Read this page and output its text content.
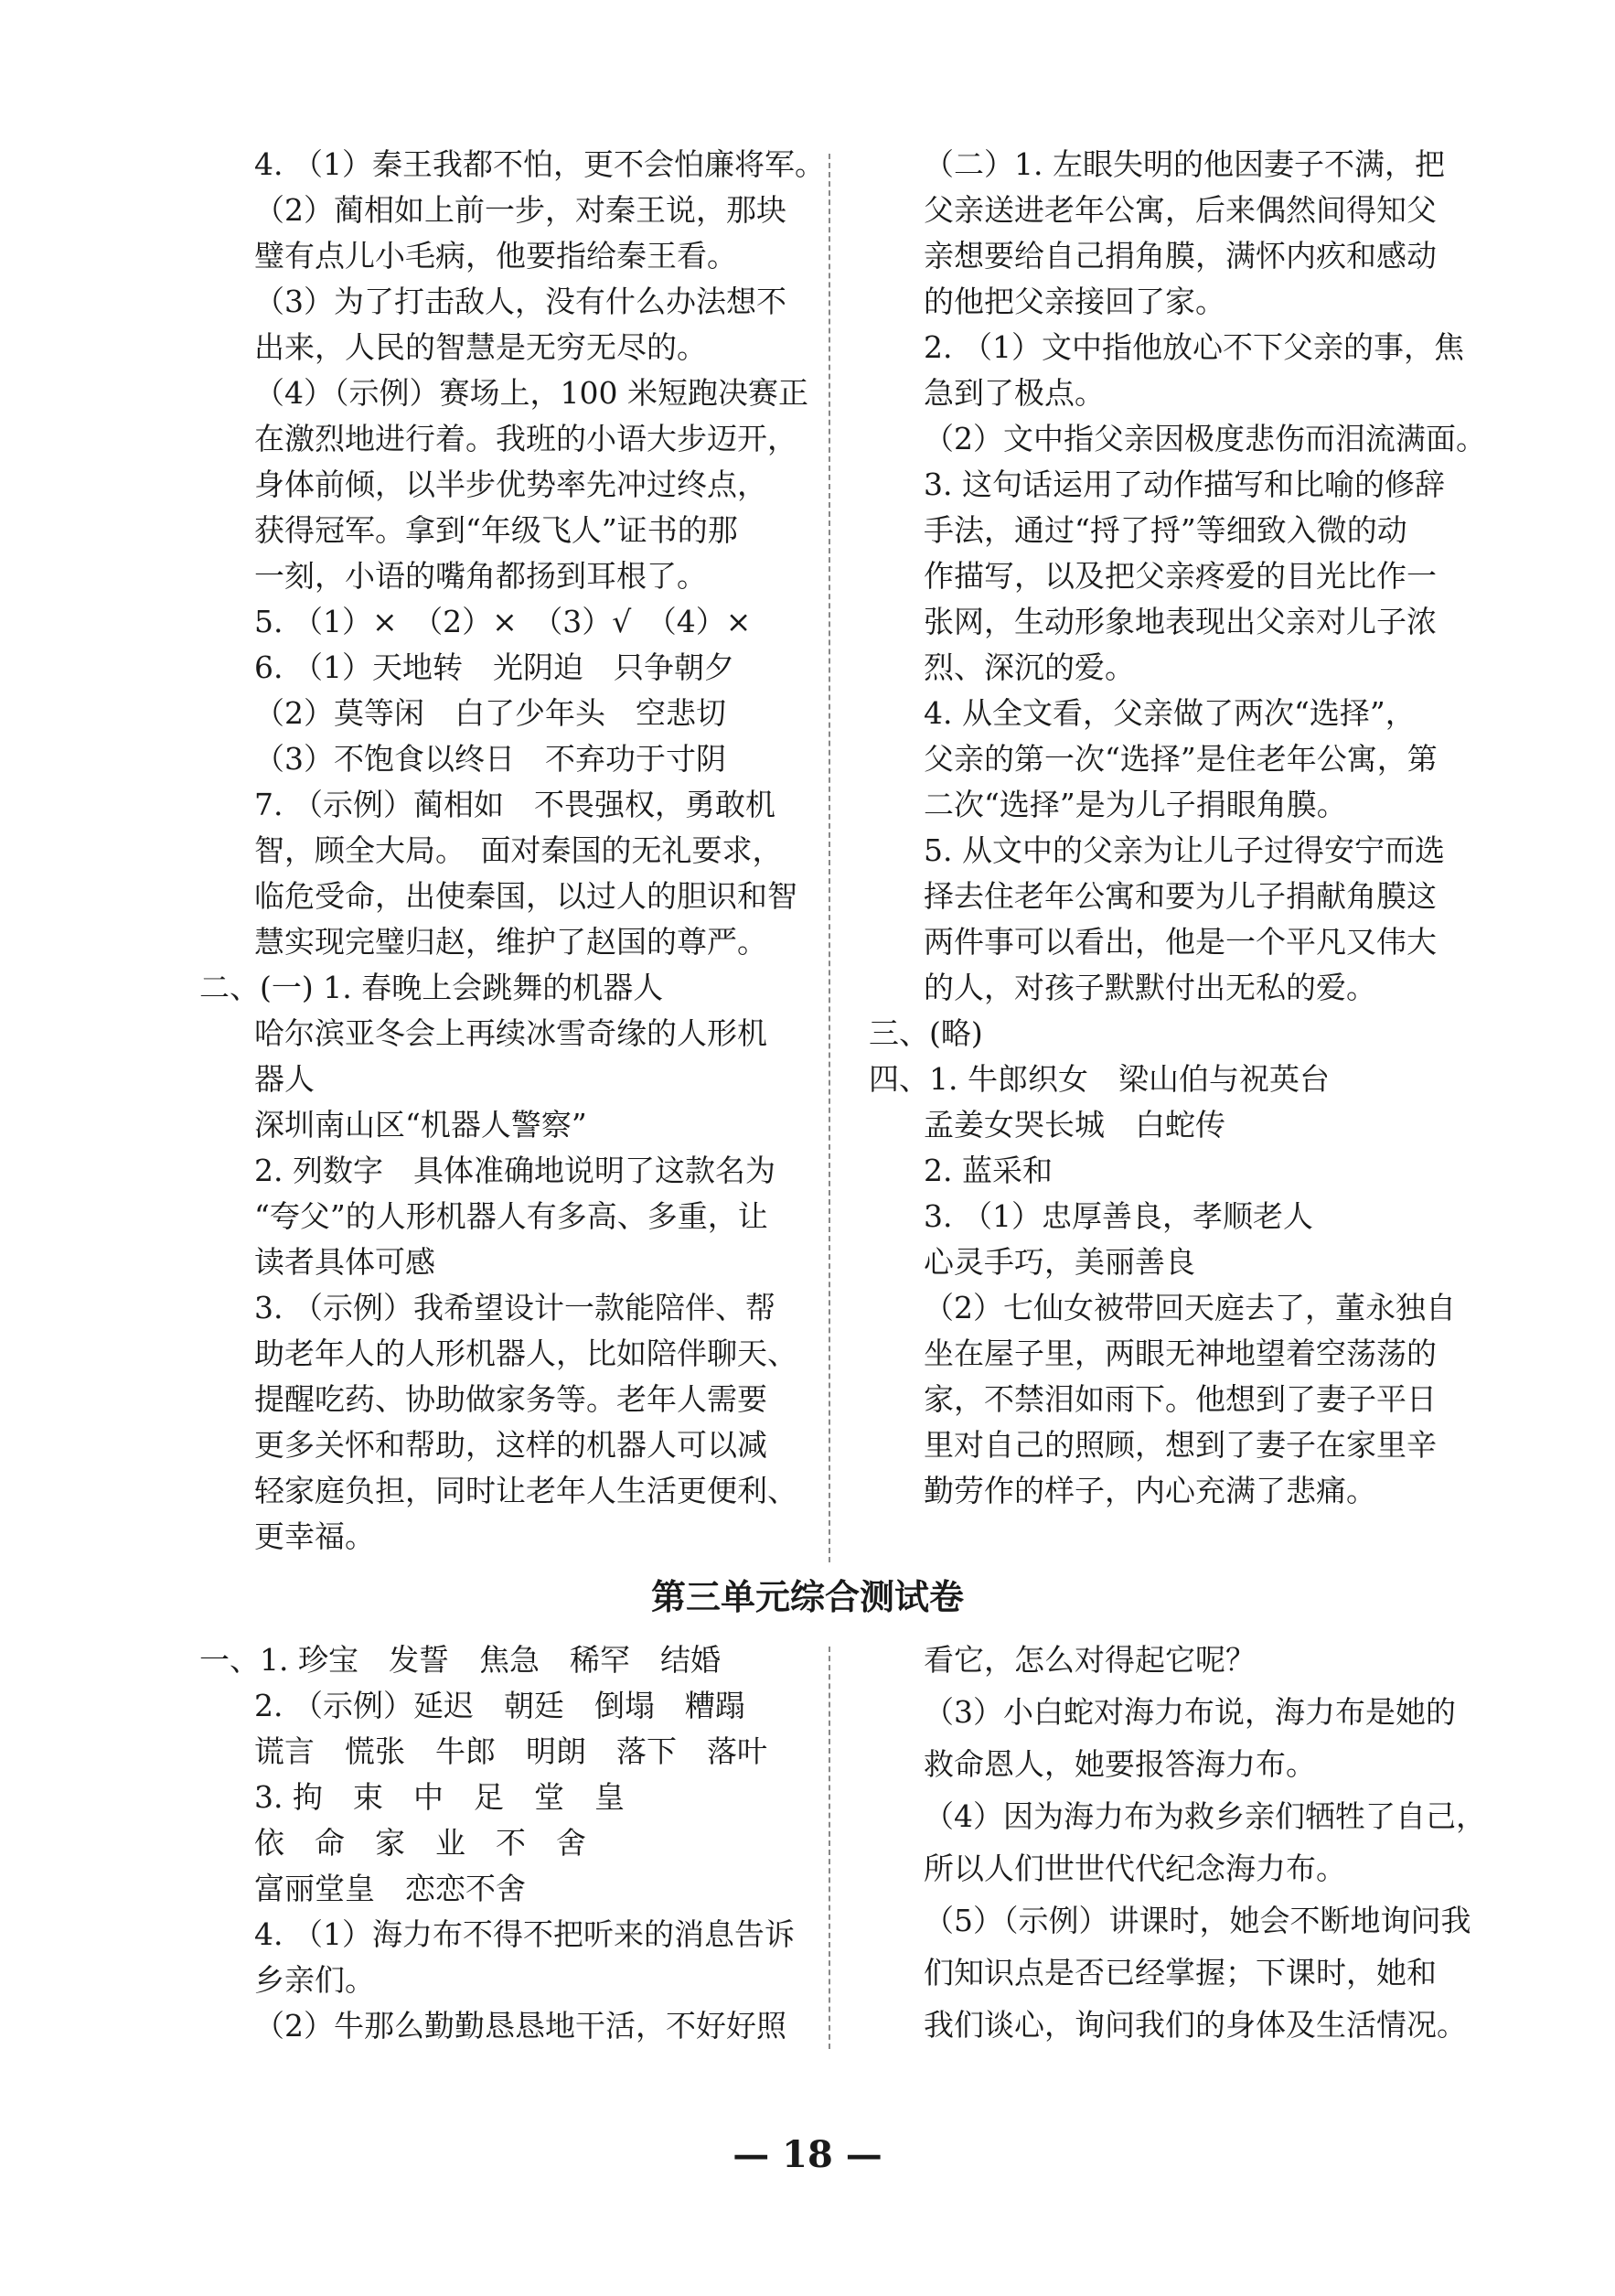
4. （1）秦王我都不怕，更不会怕廉将军。
（2）蔺相如上前一步，对秦王说，那块
璧有点儿小毛病，他要指给秦王看。
（3）为了打击敌人，没有什么办法想不
出来，人民的智慧是无穷无尽的。
（4）（示例）赛场上，100 米短跑决赛正
在激烈地进行着。我班的小语大步迈开，
身体前倾，以半步优势率先冲过终点，
获得冠军。拿到“年级飞人”证书的那
一刻，小语的嘴角都扬到耳根了。
5. （1）×　（2）×　（3）√　（4）×
6. （1）天地转　光阴迫　只争朝夕
（2）莫等闲　白了少年头　空悲切
（3）不饱食以终日　不弃功于寸阴
7. （示例）蔺相如　不畏强权，勇敢机
智，顾全大局。　面对秦国的无礼要求，
临危受命，出使秦国，以过人的胆识和智
慧实现完璧归赵，维护了赵国的尊严。
二、(一) 1. 春晚上会跳舞的机器人
哈尔滨亚冬会上再续冰雪奇缘的人形机
器人
深圳南山区“机器人警察”
2. 列数字　具体准确地说明了这款名为
“夸父”的人形机器人有多高、多重，让
读者具体可感
3. （示例）我希望设计一款能陪伴、帮
助老年人的人形机器人，比如陪伴聊天、
提醒吃药、协助做家务等。老年人需要
更多关怀和帮助，这样的机器人可以减
轻家庭负担，同时让老年人生活更便利、
更幸福。
（二）1. 左眼失明的他因妻子不满，把
父亲送进老年公寓，后来偶然间得知父
亲想要给自己捐角膜，满怀内疚和感动
的他把父亲接回了家。
2. （1）文中指他放心不下父亲的事，焦
急到了极点。
（2）文中指父亲因极度悲伤而泪流满面。
3. 这句话运用了动作描写和比喻的修辞
手法，通过“捋了捋”等细致入微的动
作描写，以及把父亲疼爱的目光比作一
张网，生动形象地表现出父亲对儿子浓
烈、深沉的爱。
4. 从全文看，父亲做了两次“选择”，
父亲的第一次“选择”是住老年公寓，第
二次“选择”是为儿子捐眼角膜。
5. 从文中的父亲为让儿子过得安宁而选
择去住老年公寓和要为儿子捐献角膜这
两件事可以看出，他是一个平凡又伟大
的人，对孩子默默付出无私的爱。
三、(略)
四、1. 牛郎织女　梁山伯与祝英台
孟姜女哭长城　白蛇传
2. 蓝采和
3. （1）忠厚善良，孝顺老人
心灵手巧，美丽善良
（2）七仙女被带回天庭去了，董永独自
坐在屋子里，两眼无神地望着空荡荡的
家，不禁泪如雨下。他想到了妻子平日
里对自己的照顾，想到了妻子在家里辛
勤劳作的样子，内心充满了悲痛。
第三单元综合测试卷
一、1. 珍宝　发誓　焦急　稀罕　结婚
2. （示例）延迟　朝廷　倒塌　糟蹋
谎言　慌张　牛郎　明朗　落下　落叶
3. 拘　束　中　足　堂　皇
依　命　家　业　不　舍
富丽堂皇　恋恋不舍
4. （1）海力布不得不把听来的消息告诉
乡亲们。
（2）牛那么勤勤恳恳地干活，不好好照
看它，怎么对得起它呢？
（3）小白蛇对海力布说，海力布是她的
救命恩人，她要报答海力布。
（4）因为海力布为救乡亲们牺牲了自己，
所以人们世世代代纪念海力布。
（5）（示例）讲课时，她会不断地询问我
们知识点是否已经掌握；下课时，她和
我们谈心，询问我们的身体及生活情况。
— 18 —
